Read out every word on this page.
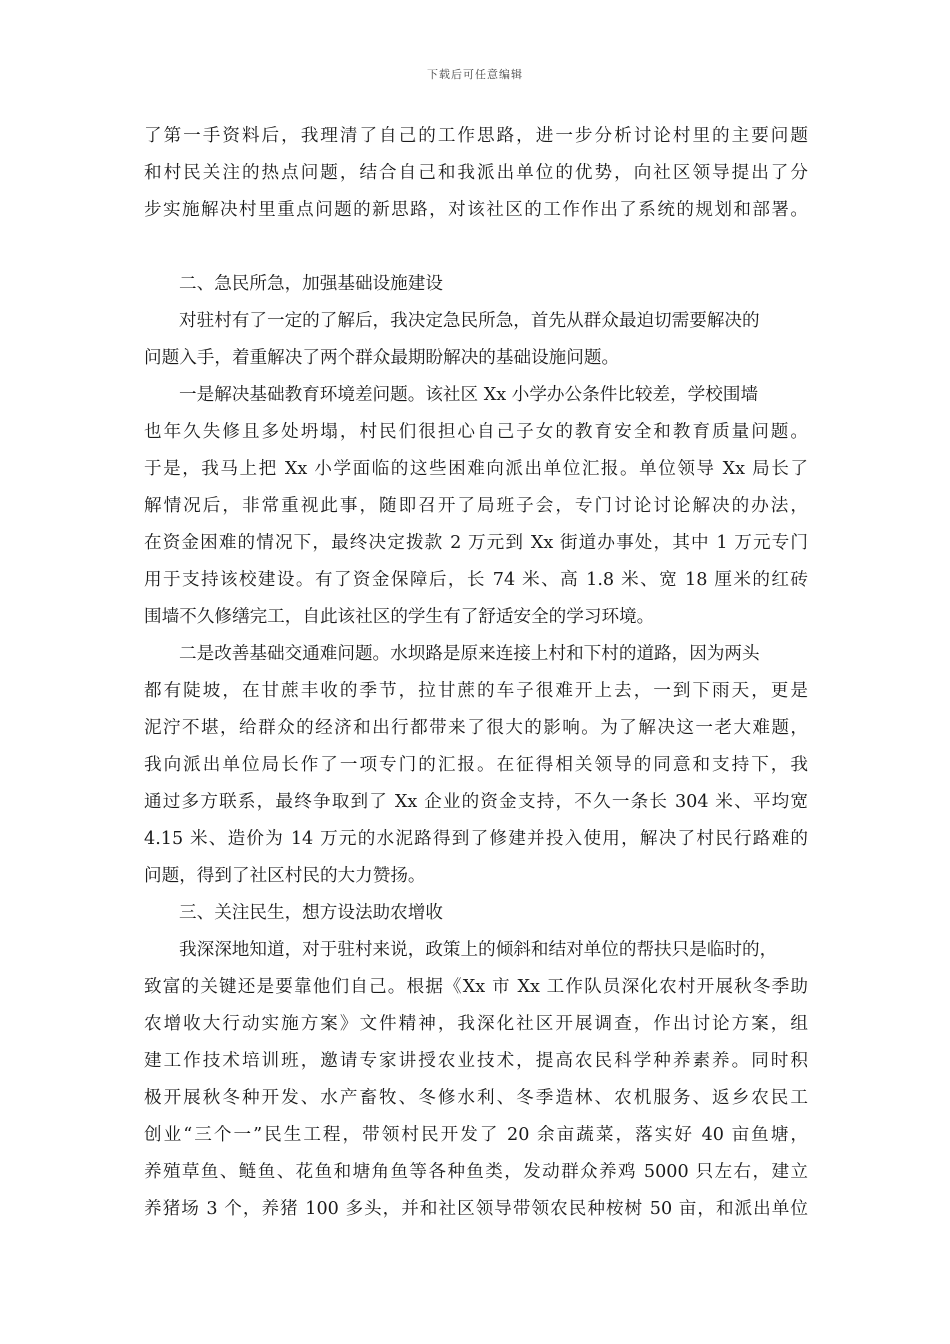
下载后可任意编辑
了第一手资料后，我理清了自己的工作思路，进一步分析讨论村里的主要问题
和村民关注的热点问题，结合自己和我派出单位的优势，向社区领导提出了分
步实施解决村里重点问题的新思路，对该社区的工作作出了系统的规划和部署。
二、急民所急，加强基础设施建设
对驻村有了一定的了解后，我决定急民所急，首先从群众最迫切需要解决的
问题入手，着重解决了两个群众最期盼解决的基础设施问题。
一是解决基础教育环境差问题。该社区 Xx 小学办公条件比较差，学校围墙
也年久失修且多处坍塌，村民们很担心自己子女的教育安全和教育质量问题。
于是，我马上把 Xx 小学面临的这些困难向派出单位汇报。单位领导 Xx 局长了
解情况后，非常重视此事，随即召开了局班子会，专门讨论讨论解决的办法，
在资金困难的情况下，最终决定拨款 2 万元到 Xx 街道办事处，其中 1 万元专门
用于支持该校建设。有了资金保障后，长 74 米、高 1.8 米、宽 18 厘米的红砖
围墙不久修缮完工，自此该社区的学生有了舒适安全的学习环境。
二是改善基础交通难问题。水坝路是原来连接上村和下村的道路，因为两头
都有陡坡，在甘蔗丰收的季节，拉甘蔗的车子很难开上去，一到下雨天，更是
泥泞不堪，给群众的经济和出行都带来了很大的影响。为了解决这一老大难题，
我向派出单位局长作了一项专门的汇报。在征得相关领导的同意和支持下，我
通过多方联系，最终争取到了 Xx 企业的资金支持，不久一条长 304 米、平均宽
4.15 米、造价为 14 万元的水泥路得到了修建并投入使用，解决了村民行路难的
问题，得到了社区村民的大力赞扬。
三、关注民生，想方设法助农增收
我深深地知道，对于驻村来说，政策上的倾斜和结对单位的帮扶只是临时的，
致富的关键还是要靠他们自己。根据《Xx 市 Xx 工作队员深化农村开展秋冬季助
农增收大行动实施方案》文件精神，我深化社区开展调查，作出讨论方案，组
建工作技术培训班，邀请专家讲授农业技术，提高农民科学种养素养。同时积
极开展秋冬种开发、水产畜牧、冬修水利、冬季造林、农机服务、返乡农民工
创业“三个一”民生工程，带领村民开发了 20 余亩蔬菜，落实好 40 亩鱼塘，
养殖草鱼、鲢鱼、花鱼和塘角鱼等各种鱼类，发动群众养鸡 5000 只左右，建立
养猪场 3 个，养猪 100 多头，并和社区领导带领农民种桉树 50 亩，和派出单位
